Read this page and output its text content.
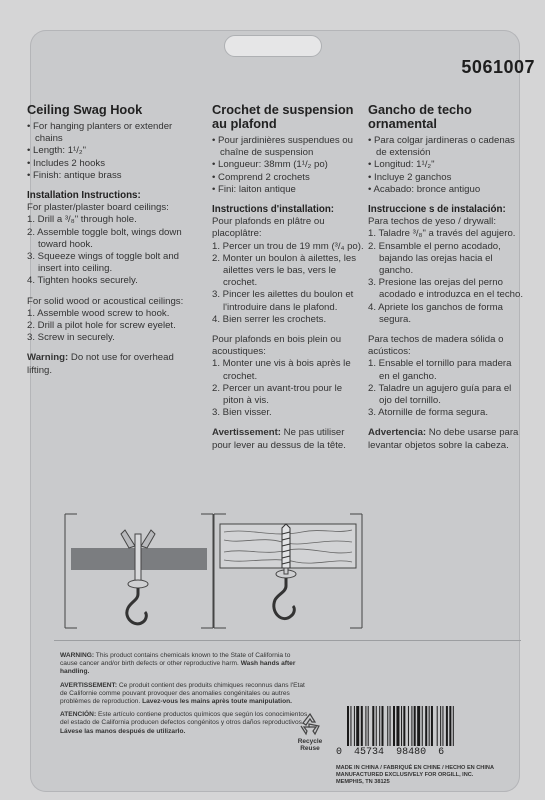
5061007
Ceiling Swag Hook
• For hanging planters or extender chains
• Length: 1¹/₂"
• Includes 2 hooks
• Finish: antique brass
Installation Instructions:

For plaster/plaster board ceilings:

1. Drill a ³/₈" through hole.
2. Assemble toggle bolt, wings down toward hook.
3. Squeeze wings of toggle bolt and insert into ceiling.
4. Tighten hooks securely.

For solid wood or acoustical ceilings:

1. Assemble wood screw to hook.
2. Drill a pilot hole for screw eyelet.
3. Screw in securely.

Warning: Do not use for overhead lifting.

Crochet de suspension au plafond
• Pour jardinières suspendues ou chaîne de suspension
• Longueur: 38mm (1¹/₂ po)
• Comprend 2 crochets
• Fini: laiton antique
Instructions d'installation:

Pour plafonds en plâtre ou placoplâtre:

1. Percer un trou de 19 mm (³/₄ po).
2. Monter un boulon à ailettes, les ailettes vers le bas, vers le crochet.
3. Pincer les ailettes du boulon et l'introduire dans le plafond.
4. Bien serrer les crochets.

Pour plafonds en bois plein ou acoustiques:

1. Monter une vis à bois après le crochet.
2. Percer un avant-trou pour le piton à vis.
3. Bien visser.

Avertissement: Ne pas utiliser pour lever au dessus de la tête.

Gancho de techo ornamental
• Para colgar jardineras o cadenas de extensión
• Longitud: 1¹/₂"
• Incluye 2 ganchos
• Acabado: bronce antiguo
Instruccione s de instalación:

Para techos de yeso / drywall:

1. Taladre ³/₈" a través del agujero.
2. Ensamble el perno acodado, bajando las orejas hacia el gancho.
3. Presione las orejas del perno acodado e introduzca en el techo.
4. Apriete los ganchos de forma segura.

Para techos de madera sólida o acústicos:

1. Ensable el tornillo para madera en el gancho.
2. Taladre un agujero guía para el ojo del tornillo.
3. Atornille de forma segura.

Advertencia: No debe usarse para levantar objetos sobre la cabeza.

WARNING: This product contains chemicals known to the State of California to cause cancer and/or birth defects or other reproductive harm. Wash hands after handling.

AVERTISSEMENT: Ce produit contient des produits chimiques reconnus dans l'Etat de Californie comme pouvant provoquer des anomalies congénitales ou autres problèmes de reproduction. Lavez-vous les mains après toute manipulation.

ATENCIÓN: Este artículo contiene productos químicos que según los conocimientos del estado de California producen defectos congénitos y otros daños reproductivos. Lávese las manos después de utilizarlo.

Recycle
Reuse	0 45734 98480 6
MADE IN CHINA / FABRIQUÉ EN CHINE / HECHO EN CHINA
MANUFACTURED EXCLUSIVELY FOR ORGILL, INC.
MEMPHIS, TN 38125
